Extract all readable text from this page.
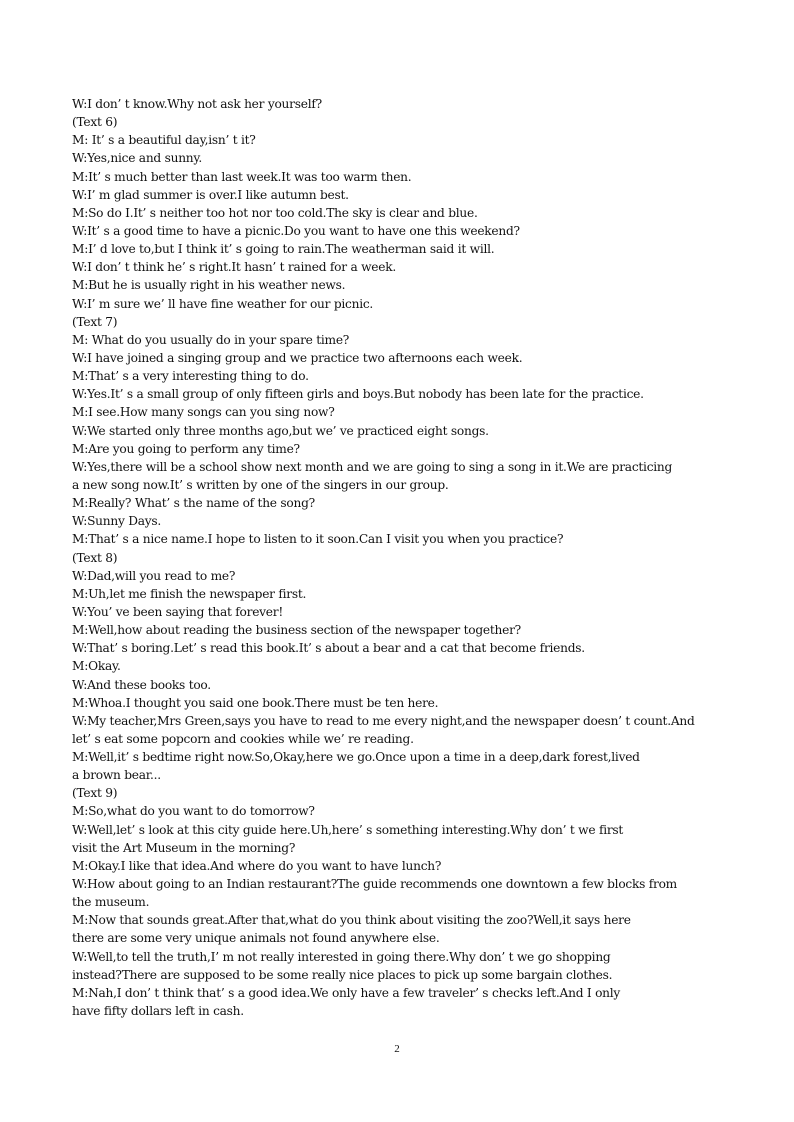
W:I don’ t know.Why not ask her yourself?
(Text 6)
M: It’ s a beautiful day,isn’ t it?
W:Yes,nice and sunny.
M:It’ s much better than last week.It was too warm then.
W:I’ m glad summer is over.I like autumn best.
M:So do I.It’ s neither too hot nor too cold.The sky is clear and blue.
W:It’ s a good time to have a picnic.Do you want to have one this weekend?
M:I’ d love to,but I think it’ s going to rain.The weatherman said it will.
W:I don’ t think he’ s right.It hasn’ t rained for a week.
M:But he is usually right in his weather news.
W:I’ m sure we’ ll have fine weather for our picnic.
(Text 7)
M: What do you usually do in your spare time?
W:I have joined a singing group and we practice two afternoons each week.
M:That’ s a very interesting thing to do.
W:Yes.It’ s a small group of only fifteen girls and boys.But nobody has been late for the practice.
M:I see.How many songs can you sing now?
W:We started only three months ago,but we’ ve practiced eight songs.
M:Are you going to perform any time?
W:Yes,there will be a school show next month and we are going to sing a song in it.We are practicing
a new song now.It’ s written by one of the singers in our group.
M:Really? What’ s the name of the song?
W:Sunny Days.
M:That’ s a nice name.I hope to listen to it soon.Can I visit you when you practice?
(Text 8)
W:Dad,will you read to me?
M:Uh,let me finish the newspaper first.
W:You’ ve been saying that forever!
M:Well,how about reading the business section of the newspaper together?
W:That’ s boring.Let’ s read this book.It’ s about a bear and a cat that become friends.
M:Okay.
W:And these books too.
M:Whoa.I thought you said one book.There must be ten here.
W:My teacher,Mrs Green,says you have to read to me every night,and the newspaper doesn’ t count.And
let’ s eat some popcorn and cookies while we’ re reading.
M:Well,it’ s bedtime right now.So,Okay,here we go.Once upon a time in a deep,dark forest,lived
a brown bear...
(Text 9)
M:So,what do you want to do tomorrow?
W:Well,let’ s look at this city guide here.Uh,here’ s something interesting.Why don’ t we first
visit the Art Museum in the morning?
M:Okay.I like that idea.And where do you want to have lunch?
W:How about going to an Indian restaurant?The guide recommends one downtown a few blocks from
the museum.
M:Now that sounds great.After that,what do you think about visiting the zoo?Well,it says here
there are some very unique animals not found anywhere else.
W:Well,to tell the truth,I’ m not really interested in going there.Why don’ t we go shopping
instead?There are supposed to be some really nice places to pick up some bargain clothes.
M:Nah,I don’ t think that’ s a good idea.We only have a few traveler’ s checks left.And I only
have fifty dollars left in cash.
2
